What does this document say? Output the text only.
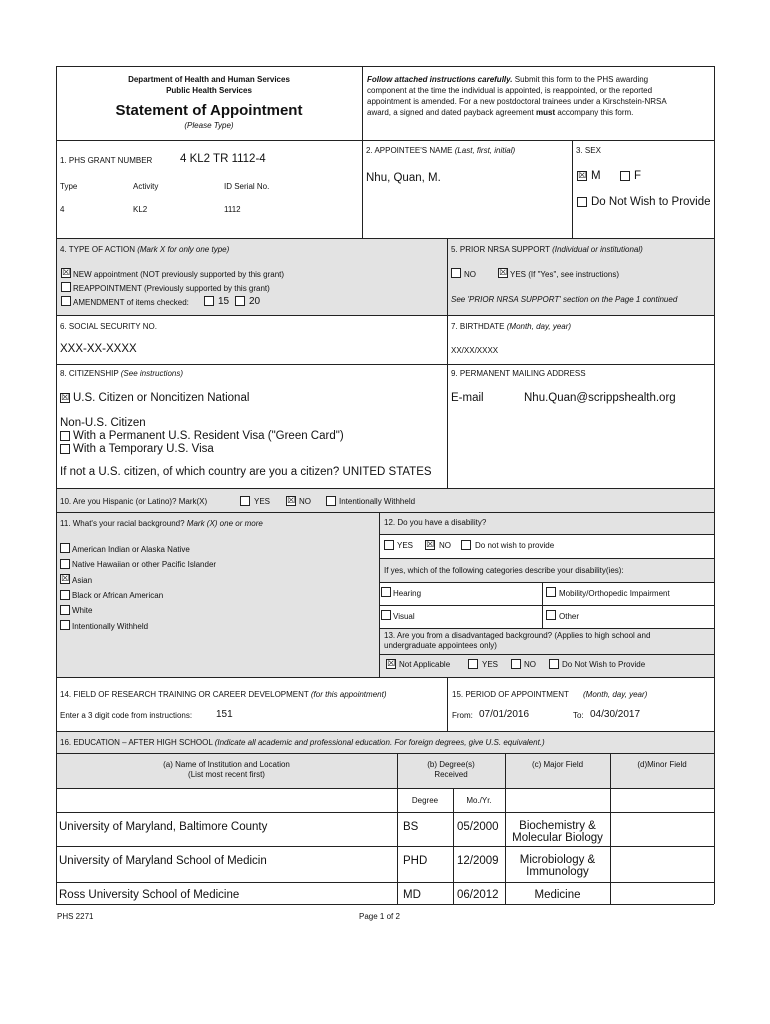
Department of Health and Human Services
Public Health Services
Statement of Appointment
(Please Type)
Follow attached instructions carefully. Submit this form to the PHS awarding
component at the time the individual is appointed, is reappointed, or the reported
appointment is amended. For a new postdoctoral trainees under a Kirschstein-NRSA
award, a signed and dated payback agreement must accompany this form.
1. PHS GRANT NUMBER 4 KL2 TR 1112-4
Type	Activity	ID Serial No.
4	KL2	1112
2. APPOINTEE'S NAME (Last, first, initial)
Nhu, Quan, M.
3. SEX
☒ M	F
Do Not Wish to Provide
4. TYPE OF ACTION (Mark X for only one type)
☒ NEW appointment (NOT previously supported by this grant)
REAPPOINTMENT (Previously supported by this grant)
AMENDMENT of items checked:	15 20
5. PRIOR NRSA SUPPORT (Individual or institutional)
NO	☒ YES (If "Yes", see instructions)
See 'PRIOR NRSA SUPPORT' section on the Page 1 continued
6. SOCIAL SECURITY NO.
XXX-XX-XXXX
7. BIRTHDATE (Month, day, year)
XX/XX/XXXX
8. CITIZENSHIP (See instructions)
☒ U.S. Citizen or Noncitizen National
Non-U.S. Citizen
With a Permanent U.S. Resident Visa ("Green Card")
With a Temporary U.S. Visa
If not a U.S. citizen, of which country are you a citizen? UNITED STATES
9. PERMANENT MAILING ADDRESS
E-mail	Nhu.Quan@scrippshealth.org
10. Are you Hispanic (or Latino)? Mark(X)	YES ☒ NO	Intentionally Withheld
11. What's your racial background? Mark (X) one or more
American Indian or Alaska Native
Native Hawaiian or other Pacific Islander
☒ Asian
Black or African American
White
Intentionally Withheld
12. Do you have a disability?
YES ☒ NO	Do not wish to provide
If yes, which of the following categories describe your disability(ies):
Hearing	Mobility/Orthopedic Impairment
Visual	Other
13. Are you from a disadvantaged background? (Applies to high school and
undergraduate appointees only)
☒ Not Applicable	YES	NO	Do Not Wish to Provide
14. FIELD OF RESEARCH TRAINING OR CAREER DEVELOPMENT (for this appointment)
Enter a 3 digit code from instructions: 151
15. PERIOD OF APPOINTMENT (Month, day, year)
From: 07/01/2016	To: 04/30/2017
16. EDUCATION – AFTER HIGH SCHOOL (Indicate all academic and professional education. For foreign degrees, give U.S. equivalent.)
(a) Name of Institution and Location
(List most recent first)
(b) Degree(s)
Received
(c) Major Field	(d)Minor Field
Degree	Mo./Yr.
University of Maryland, Baltimore County	BS	05/2000	Biochemistry &
Molecular Biology
University of Maryland School of Medicin	PHD	12/2009	Microbiology &
Immunology
Ross University School of Medicine	MD	06/2012	Medicine
PHS 2271	Page 1 of 2
